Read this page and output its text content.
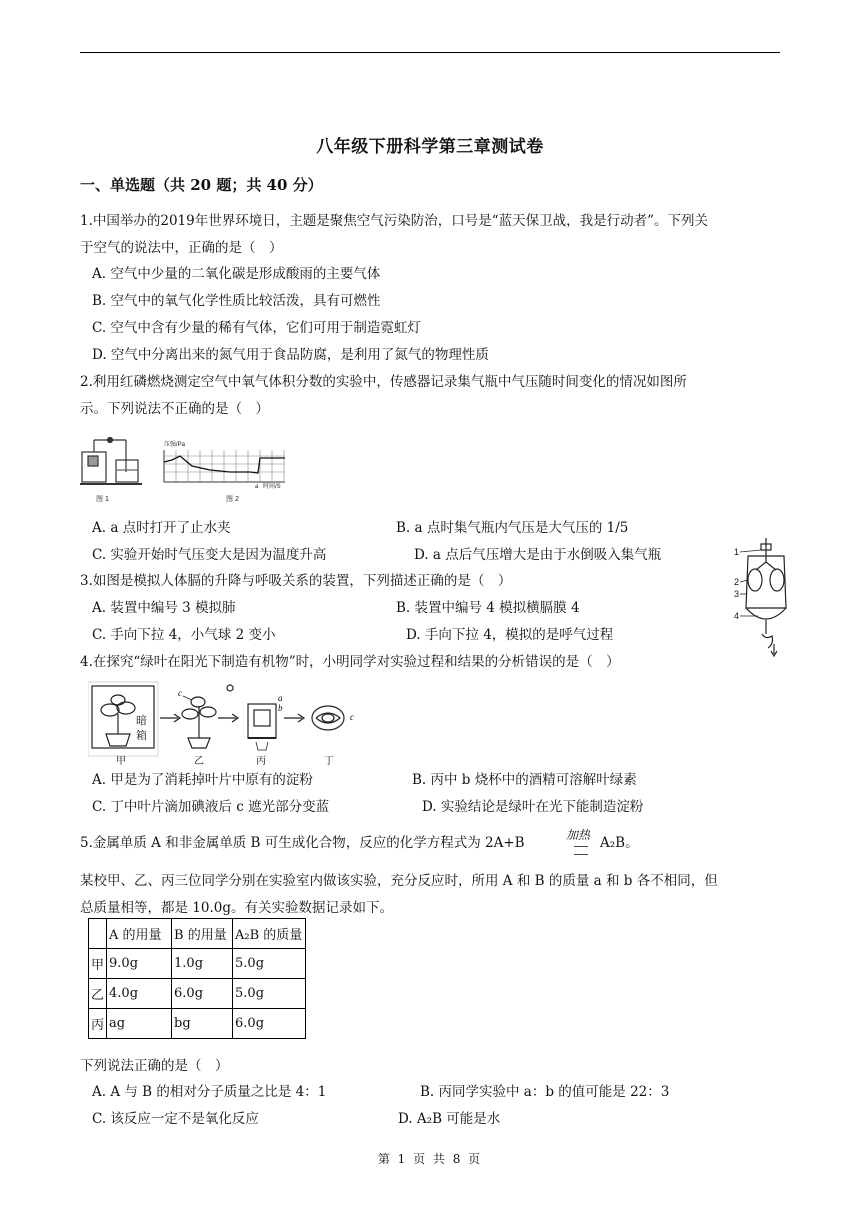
八年级下册科学第三章测试卷
一、单选题（共 20 题；共 40 分）
1.中国举办的2019年世界环境日，主题是聚焦空气污染防治，口号是“蓝天保卫战，我是行动者”。下列关
于空气的说法中，正确的是（　）
A. 空气中少量的二氧化碳是形成酸雨的主要气体
B. 空气中的氧气化学性质比较活泼，具有可燃性
C. 空气中含有少量的稀有气体，它们可用于制造霓虹灯
D. 空气中分离出来的氮气用于食品防腐，是利用了氮气的物理性质
2.利用红磷燃烧测定空气中氧气体积分数的实验中，传感器记录集气瓶中气压随时间变化的情况如图所
示。下列说法不正确的是（　）
压强/Pa
a 时间/S
图 1	图 2
A. a 点时打开了止水夹	B. a 点时集气瓶内气压是大气压的 1/5
C. 实验开始时气压变大是因为温度升高	D. a 点后气压增大是由于水倒吸入集气瓶
3.如图是模拟人体膈的升降与呼吸关系的装置，下列描述正确的是（　）
1
2
3
4
A. 装置中编号 3 模拟肺	B. 装置中编号 4 模拟横膈膜 4
C. 手向下拉 4，小气球 2 变小	D. 手向下拉 4，模拟的是呼气过程
4.在探究“绿叶在阳光下制造有机物”时，小明同学对实验过程和结果的分析错误的是（　）
暗
箱
c	a
b
c
甲	乙	丙	丁
A. 甲是为了消耗掉叶片中原有的淀粉	B. 丙中 b 烧杯中的酒精可溶解叶绿素
C. 丁中叶片滴加碘液后 c 遮光部分变蓝	D. 实验结论是绿叶在光下能制造淀粉
5.金属单质 A 和非金属单质 B 可生成化合物，反应的化学方程式为 2A+B	加热 A₂B。
某校甲、乙、丙三位同学分别在实验室内做该实验，充分反应时，所用 A 和 B 的质量 a 和 b 各不相同，但
总质量相等，都是 10.0g。有关实验数据记录如下。
	A 的用量	B 的用量	A₂B 的质量
甲	9.0g	1.0g	5.0g
乙	4.0g	6.0g	5.0g
丙	ag	bg	6.0g
下列说法正确的是（　）
A. A 与 B 的相对分子质量之比是 4：1	B. 丙同学实验中 a：b 的值可能是 22：3
C. 该反应一定不是氧化反应	D. A₂B 可能是水
第 1 页 共 8 页
